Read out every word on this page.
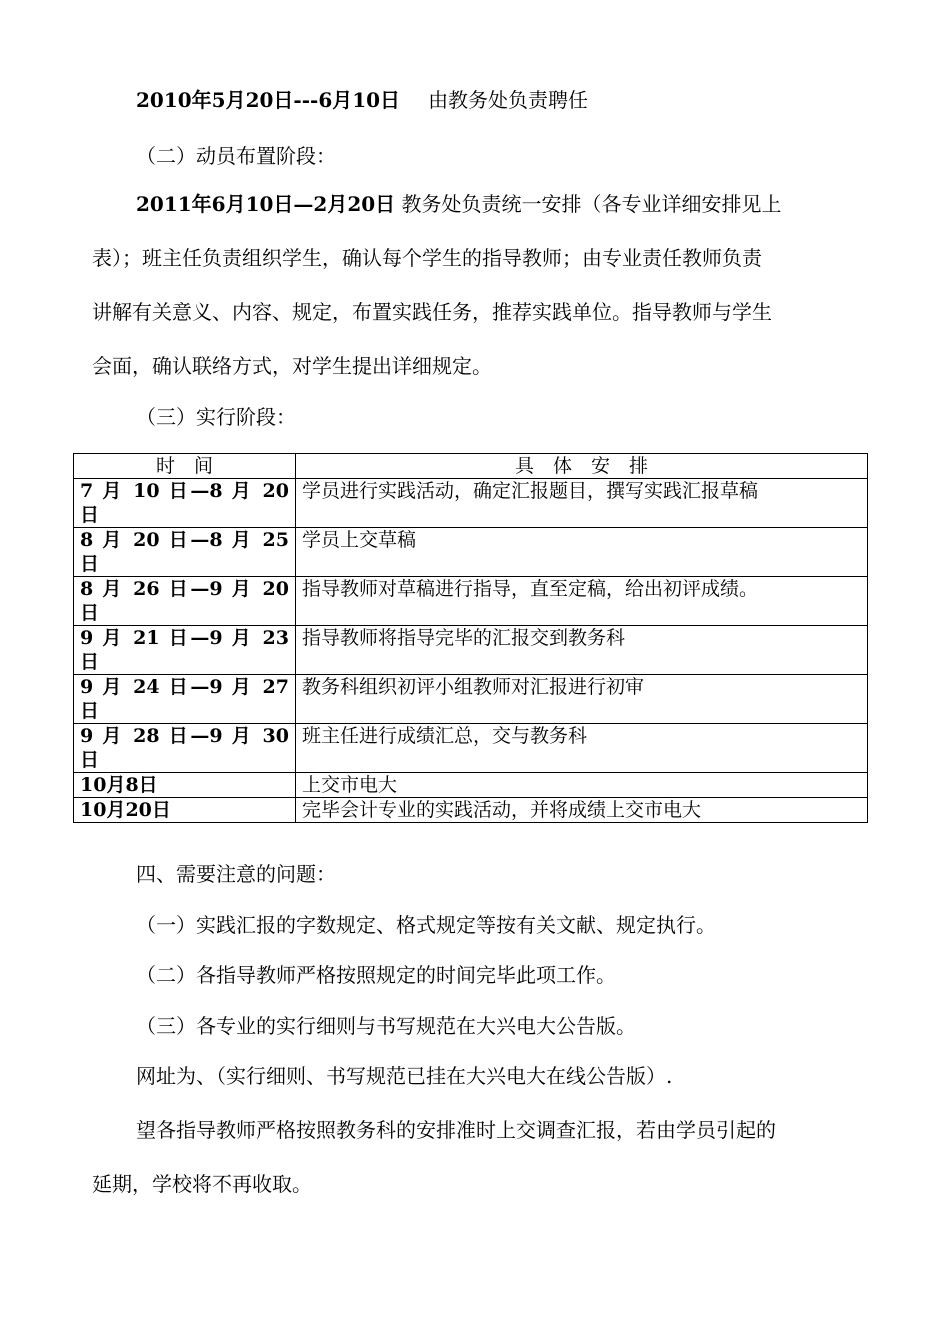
2010年5月20日---6月10日 由教务处负责聘任
（二）动员布置阶段：
2011年6月10日—2月20日 教务处负责统一安排（各专业详细安排见上
表）；班主任负责组织学生，确认每个学生的指导教师；由专业责任教师负责
讲解有关意义、内容、规定，布置实践任务，推荐实践单位。指导教师与学生
会面，确认联络方式，对学生提出详细规定。
（三）实行阶段：
时　间	具　体　安　排
7 月 10 日—8 月 20 日	学员进行实践活动，确定汇报题目，撰写实践汇报草稿
8 月 20 日—8 月 25 日	学员上交草稿
8 月 26 日—9 月 20 日	指导教师对草稿进行指导，直至定稿，给出初评成绩。
9 月 21 日—9 月 23 日	指导教师将指导完毕的汇报交到教务科
9 月 24 日—9 月 27 日	教务科组织初评小组教师对汇报进行初审
9 月 28 日—9 月 30 日	班主任进行成绩汇总，交与教务科
10月8日	上交市电大
10月20日	完毕会计专业的实践活动，并将成绩上交市电大
四、需要注意的问题：
（一）实践汇报的字数规定、格式规定等按有关文献、规定执行。
（二）各指导教师严格按照规定的时间完毕此项工作。
（三）各专业的实行细则与书写规范在大兴电大公告版。
网址为、（实行细则、书写规范已挂在大兴电大在线公告版）.
望各指导教师严格按照教务科的安排准时上交调查汇报，若由学员引起的
延期，学校将不再收取。
